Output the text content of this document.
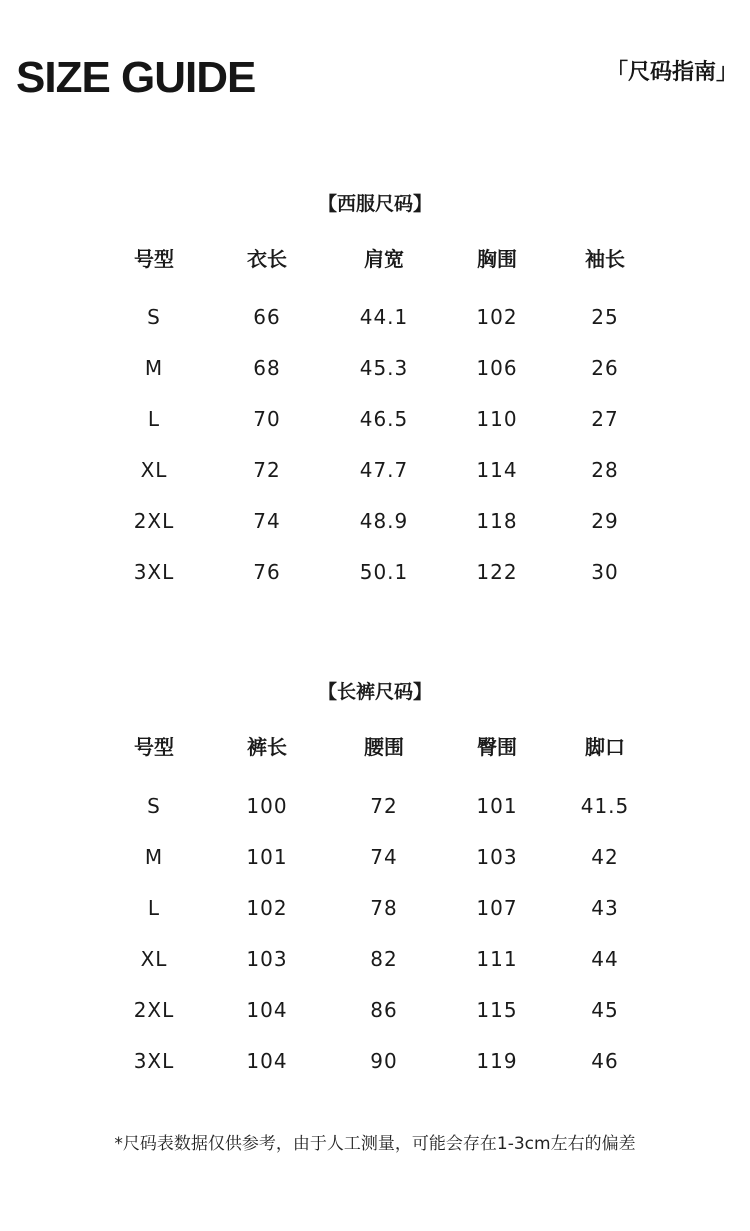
SIZE GUIDE	「尺码指南」
【西服尺码】
号型	衣长	肩宽	胸围	袖长
S	66	44.1	102	25
M	68	45.3	106	26
L	70	46.5	110	27
XL	72	47.7	114	28
2XL	74	48.9	118	29
3XL	76	50.1	122	30
【长裤尺码】
号型	裤长	腰围	臀围	脚口
S	100	72	101	41.5
M	101	74	103	42
L	102	78	107	43
XL	103	82	111	44
2XL	104	86	115	45
3XL	104	90	119	46
*尺码表数据仅供参考，由于人工测量，可能会存在1-3cm左右的偏差
